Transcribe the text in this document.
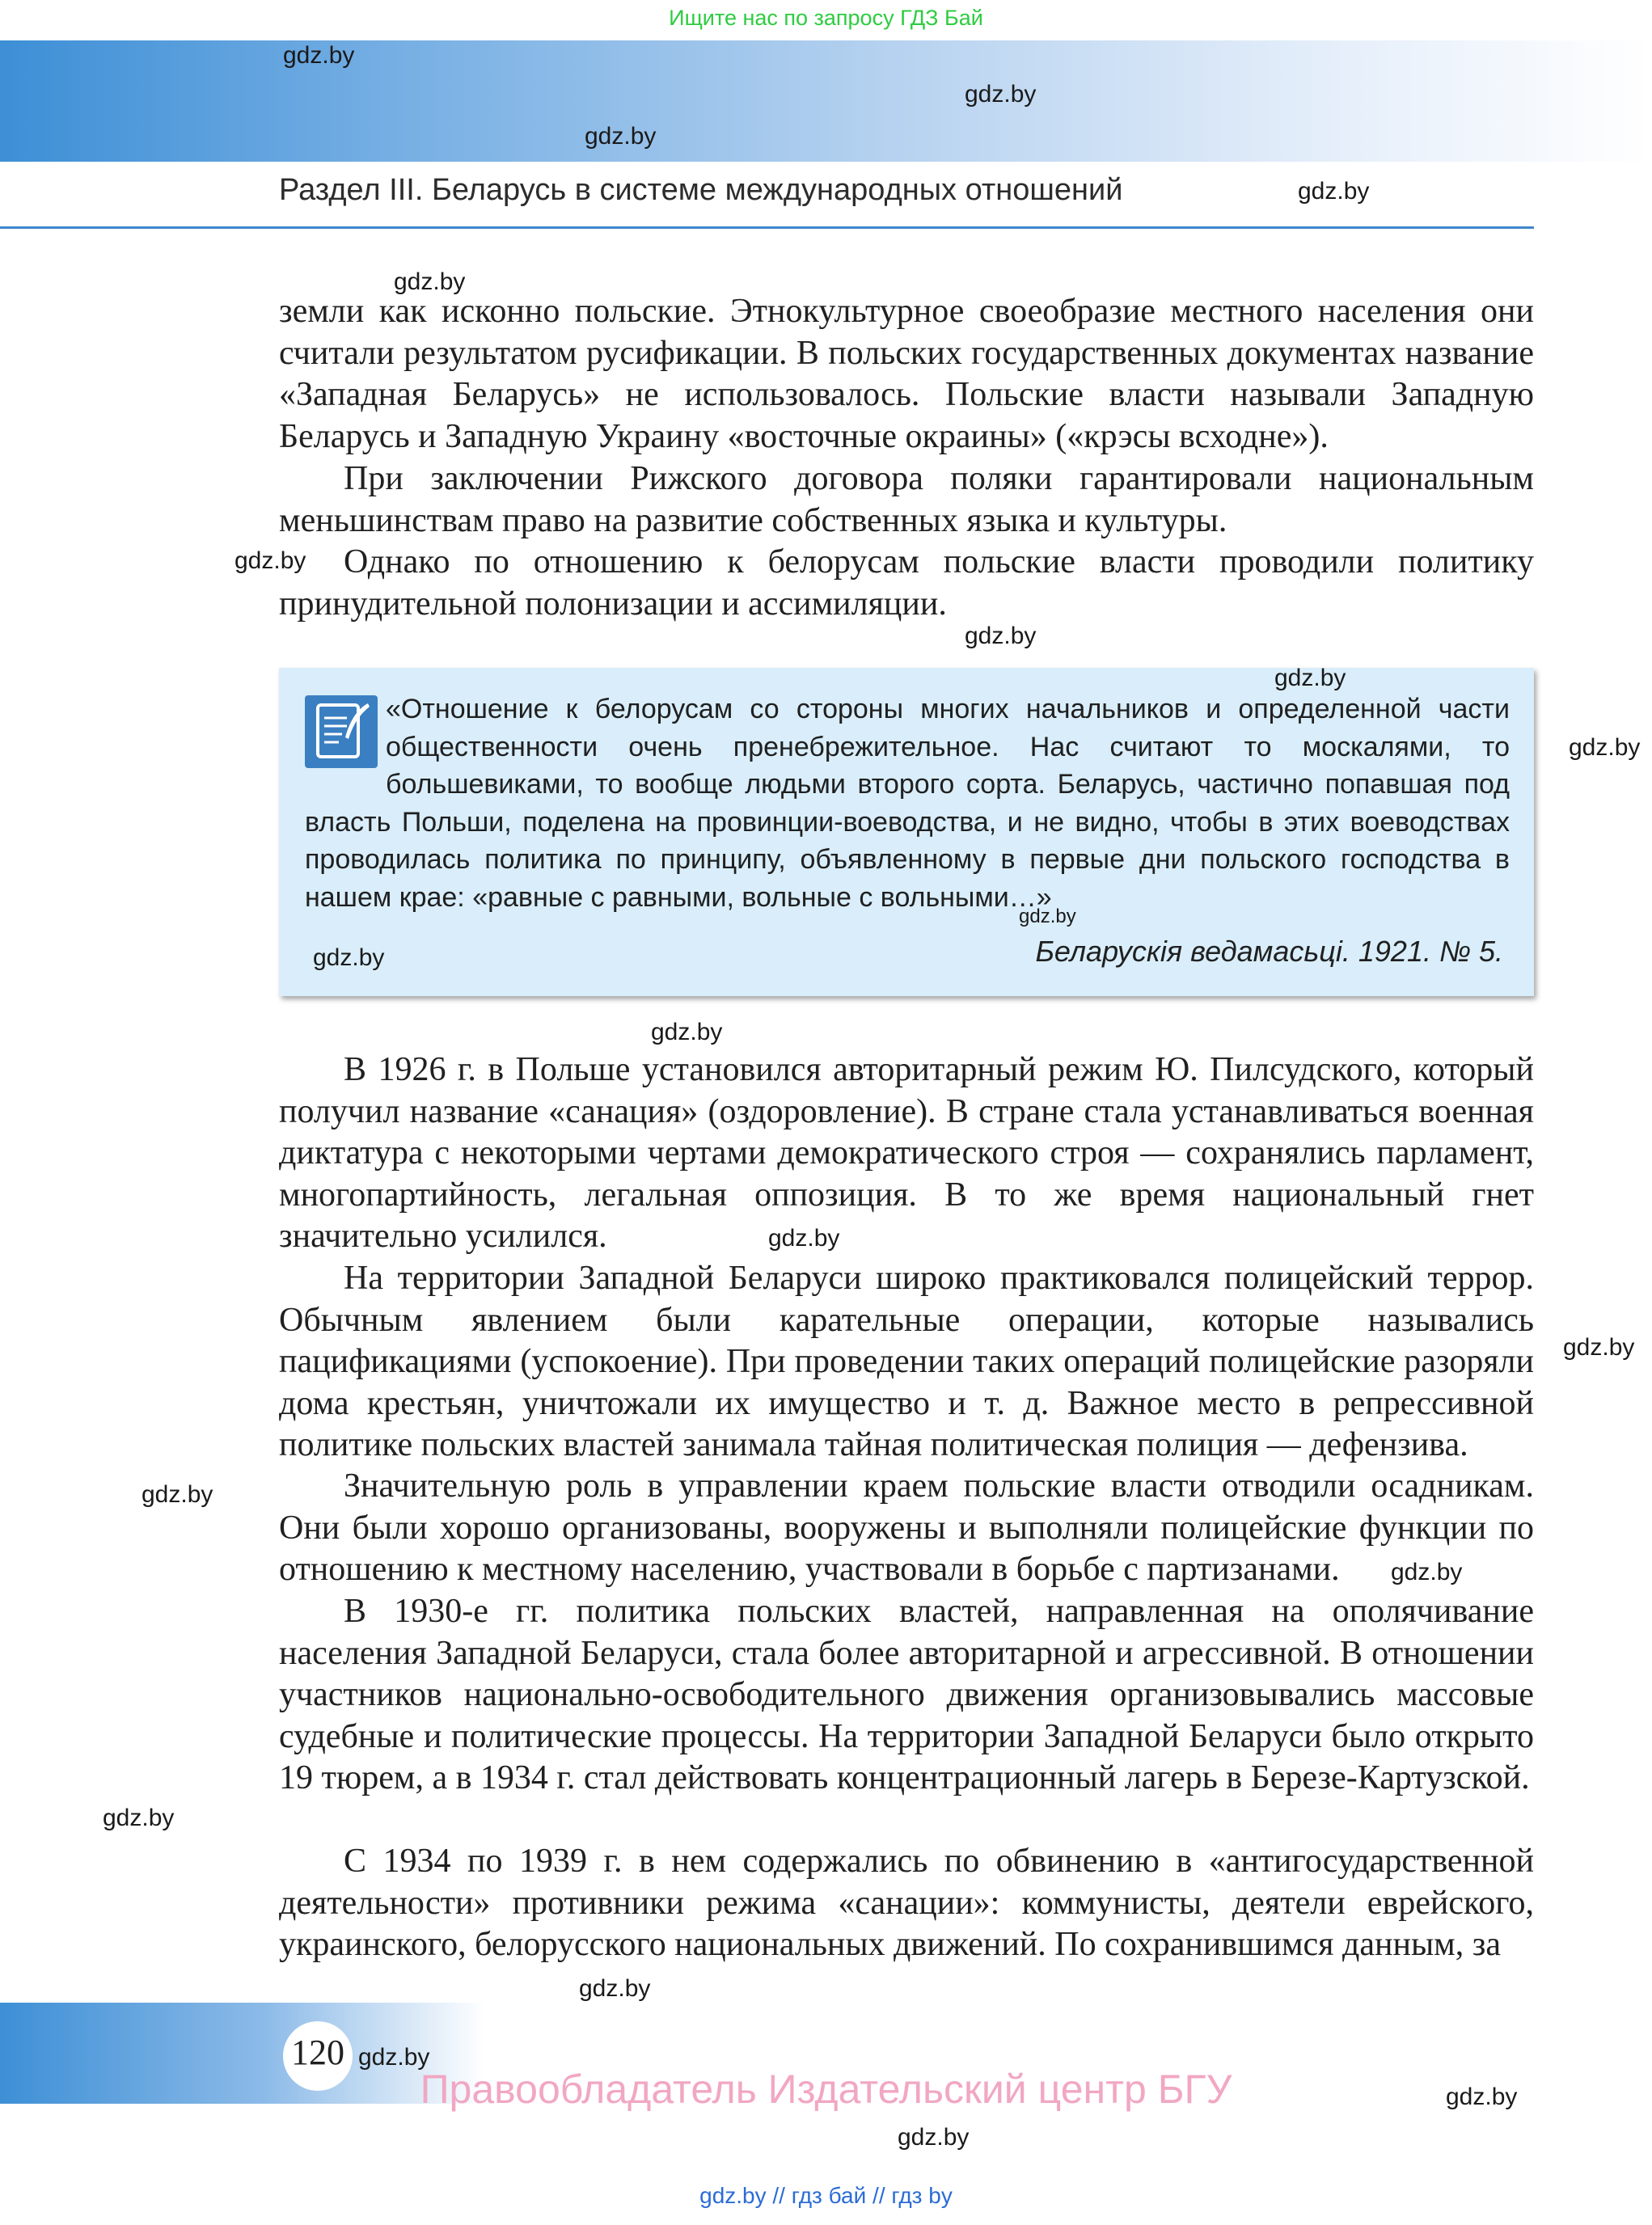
Ищите нас по запросу ГДЗ Бай
Раздел III. Беларусь в системе международных отношений
земли как исконно польские. Этнокультурное своеобразие местного населения они считали результатом русификации. В польских государственных документах название «Западная Беларусь» не использовалось. Польские власти называли Западную Беларусь и Западную Украину «восточные окраины» («крэсы всходне»).
При заключении Рижского договора поляки гарантировали национальным меньшинствам право на развитие собственных языка и культуры.
Однако по отношению к белорусам польские власти проводили политику принудительной полонизации и ассимиляции.
«Отношение к белорусам со стороны многих начальников и определенной части общественности очень пренебрежительное. Нас считают то москалями, то большевиками, то вообще людьми второго сорта. Беларусь, частично попавшая под власть Польши, поделена на провинции-воеводства, и не видно, чтобы в этих воеводствах проводилась политика по принципу, объявленному в первые дни польского господства в нашем крае: «равные с равными, вольные с вольными…»
Беларускія ведамасьці. 1921. № 5.
В 1926 г. в Польше установился авторитарный режим Ю. Пилсудского, который получил название «санация» (оздоровление). В стране стала устанавливаться военная диктатура с некоторыми чертами демократического строя — сохранялись парламент, многопартийность, легальная оппозиция. В то же время национальный гнет значительно усилился.
На территории Западной Беларуси широко практиковался полицейский террор. Обычным явлением были карательные операции, которые назывались пацификациями (успокоение). При проведении таких операций полицейские разоряли дома крестьян, уничтожали их имущество и т. д. Важное место в репрессивной политике польских властей занимала тайная политическая полиция — дефензива.
Значительную роль в управлении краем польские власти отводили осадникам. Они были хорошо организованы, вооружены и выполняли полицейские функции по отношению к местному населению, участвовали в борьбе с партизанами.
В 1930-е гг. политика польских властей, направленная на ополячивание населения Западной Беларуси, стала более авторитарной и агрессивной. В отношении участников национально-освободительного движения организовывались массовые судебные и политические процессы. На территории Западной Беларуси было открыто 19 тюрем, а в 1934 г. стал действовать концентрационный лагерь в Березе-Картузской.
С 1934 по 1939 г. в нем содержались по обвинению в «антигосударственной деятельности» противники режима «санации»: коммунисты, деятели еврейского, украинского, белорусского национальных движений. По сохранившимся данным, за
gdz.by
gdz.by
gdz.by
gdz.by
gdz.by
gdz.by
gdz.by
gdz.by
gdz.by
gdz.by
gdz.by
gdz.by
gdz.by
gdz.by
gdz.by
gdz.by
gdz.by
gdz.by
gdz.by
gdz.by
120 gdz.by
Правообладатель Издательский центр БГУ
gdz.by // гдз бай // гдз by
